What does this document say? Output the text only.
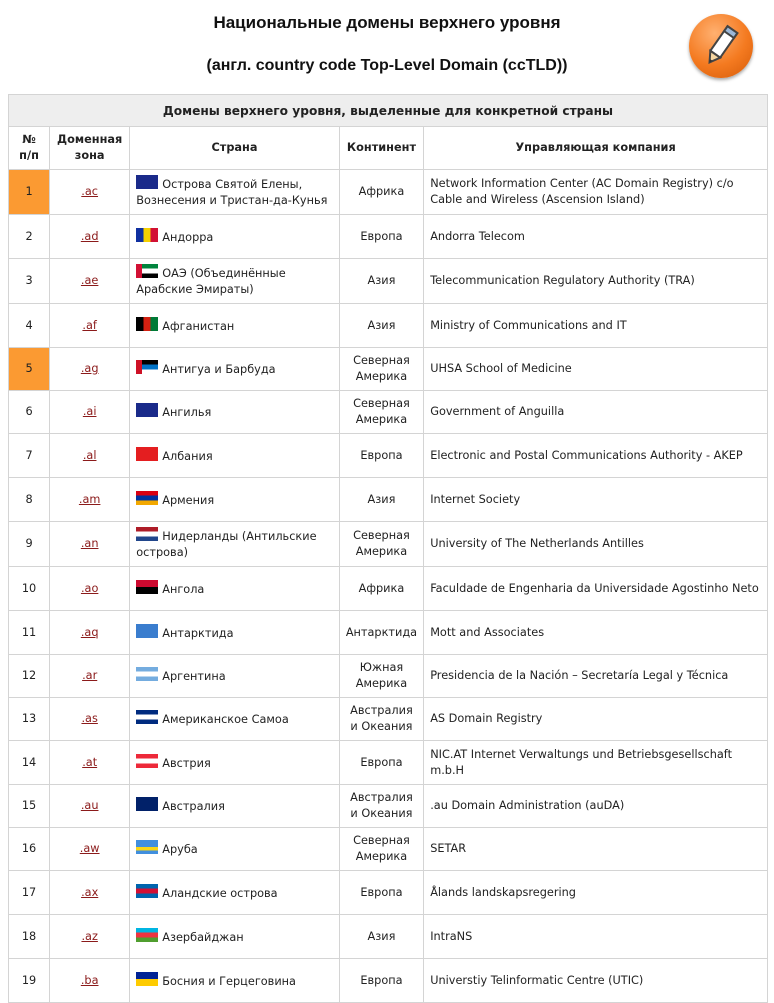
Национальные домены верхнего уровня
(англ. country code Top-Level Domain (ccTLD))
Домены верхнего уровня, выделенные для конкретной страны				
№ п/п	Доменная зона	Страна	Континент	Управляющая компания
1	.ac	Острова Святой Елены, Вознесения и Тристан-да-Кунья	Африка	Network Information Center (AC Domain Registry) c/o Cable and Wireless (Ascension Island)
2	.ad	Андорра	Европа	Andorra Telecom
3	.ae	ОАЭ (Объединённые Арабские Эмираты)	Азия	Telecommunication Regulatory Authority (TRA)
4	.af	Афганистан	Азия	Ministry of Communications and IT
5	.ag	Антигуа и Барбуда	Северная Америка	UHSA School of Medicine
6	.ai	Ангилья	Северная Америка	Government of Anguilla
7	.al	Албания	Европа	Electronic and Postal Communications Authority - AKEP
8	.am	Армения	Азия	Internet Society
9	.an	Нидерланды (Антильские острова)	Северная Америка	University of The Netherlands Antilles
10	.ao	Ангола	Африка	Faculdade de Engenharia da Universidade Agostinho Neto
11	.aq	Антарктида	Антарктида	Mott and Associates
12	.ar	Аргентина	Южная Америка	Presidencia de la Nación – Secretaría Legal y Técnica
13	.as	Американское Самоа	Австралия и Океания	AS Domain Registry
14	.at	Австрия	Европа	NIC.AT Internet Verwaltungs und Betriebsgesellschaft m.b.H
15	.au	Австралия	Австралия и Океания	.au Domain Administration (auDA)
16	.aw	Аруба	Северная Америка	SETAR
17	.ax	Аландские острова	Европа	Ålands landskapsregering
18	.az	Азербайджан	Азия	IntraNS
19	.ba	Босния и Герцеговина	Европа	Universtiy Telinformatic Centre (UTIC)
